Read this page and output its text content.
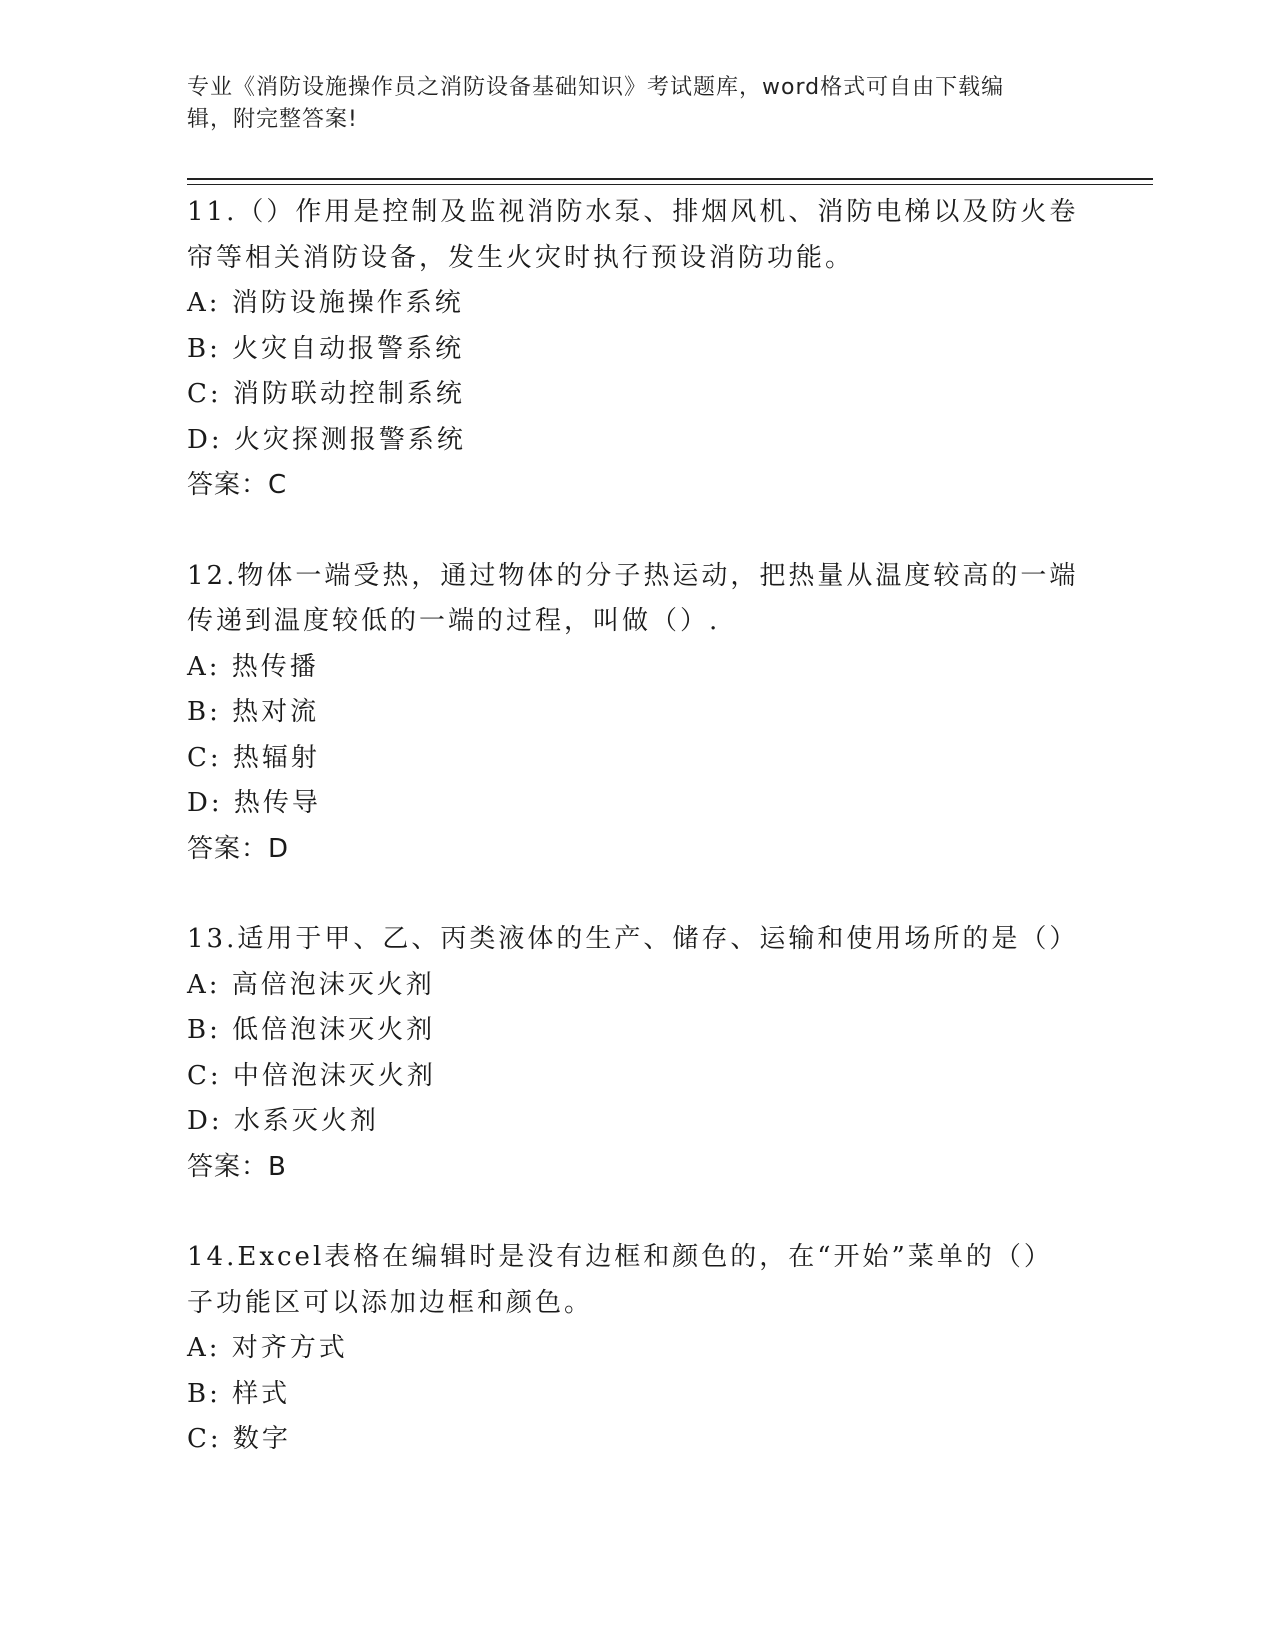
专业《消防设施操作员之消防设备基础知识》考试题库，word格式可自由下载编

辑，附完整答案!

11.（）作用是控制及监视消防水泵、排烟风机、消防电梯以及防火卷

帘等相关消防设备，发生火灾时执行预设消防功能。

A: 消防设施操作系统

B: 火灾自动报警系统

C: 消防联动控制系统

D: 火灾探测报警系统

答案：C

12.物体一端受热，通过物体的分子热运动，把热量从温度较高的一端

传递到温度较低的一端的过程，叫做（）.

A: 热传播

B: 热对流

C: 热辐射

D: 热传导

答案：D

13.适用于甲、乙、丙类液体的生产、储存、运输和使用场所的是（）

A: 高倍泡沫灭火剂

B: 低倍泡沫灭火剂

C: 中倍泡沫灭火剂

D: 水系灭火剂

答案：B

14.Excel表格在编辑时是没有边框和颜色的，在“开始”菜单的（）

子功能区可以添加边框和颜色。

A: 对齐方式

B: 样式

C: 数字
